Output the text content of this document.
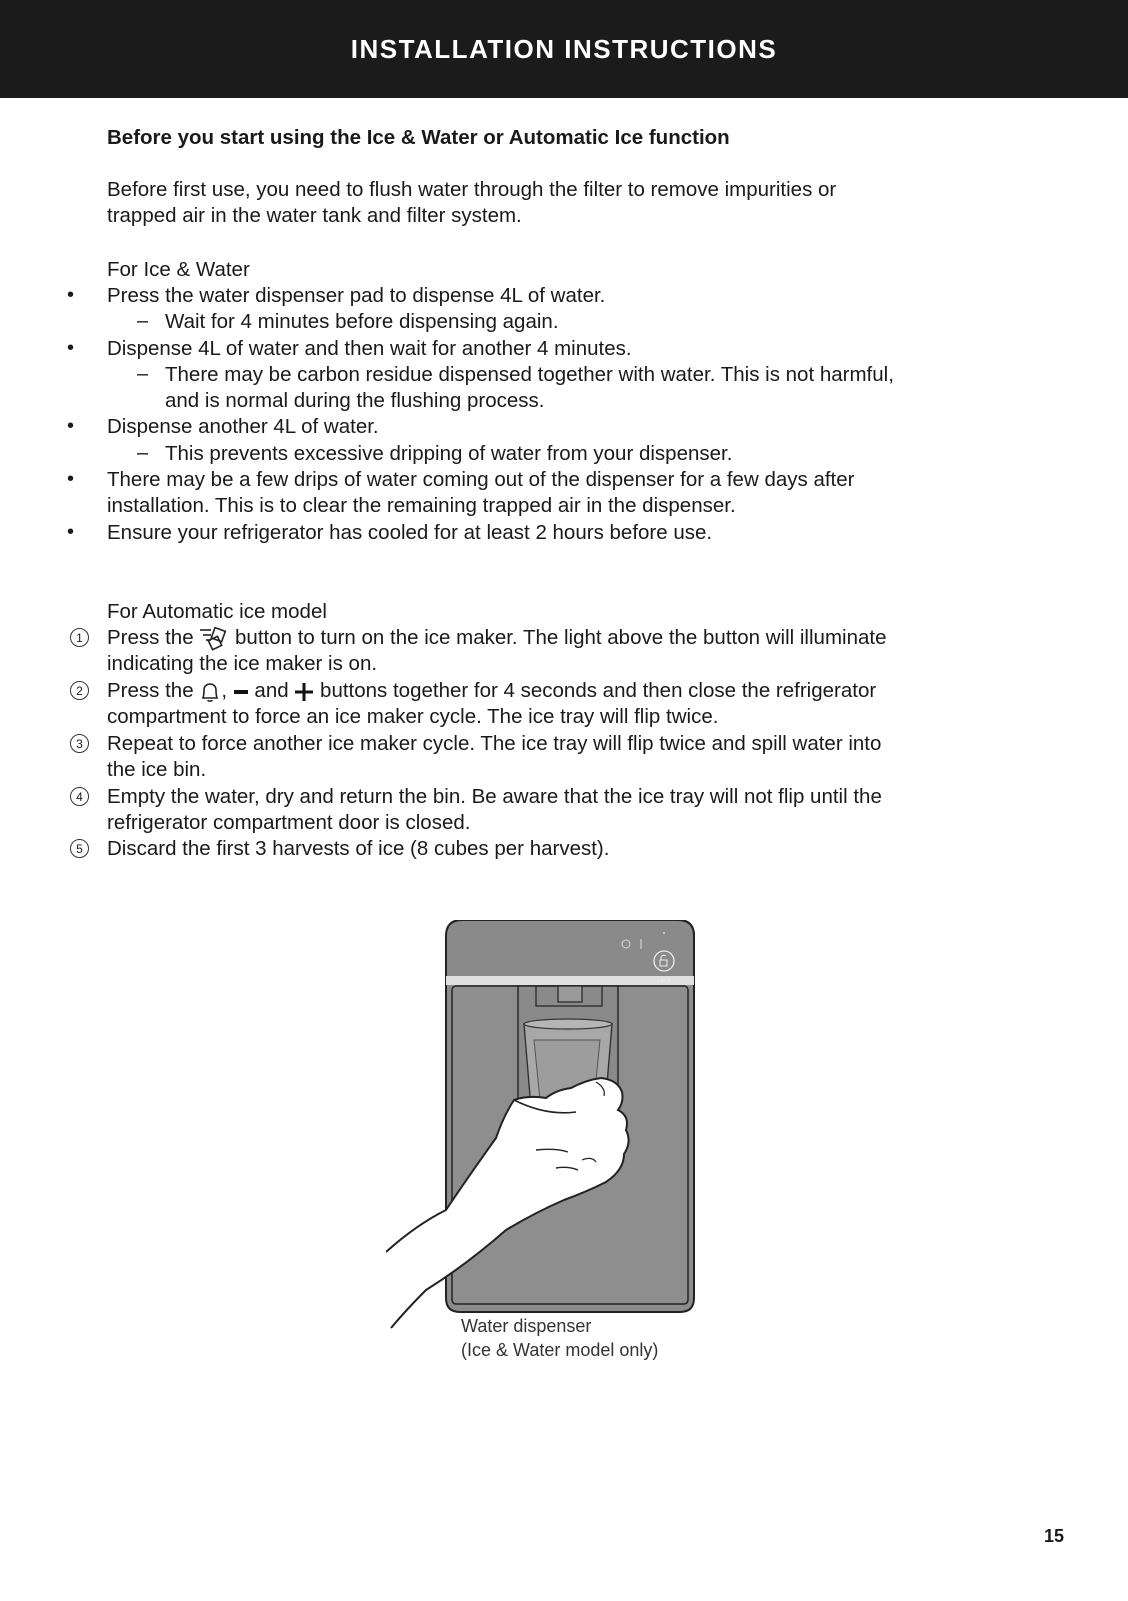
INSTALLATION INSTRUCTIONS
Before you start using the Ice & Water or Automatic Ice function
Before first use, you need to flush water through the filter to remove impurities or
trapped air in the water tank and filter system.
For Ice & Water
• Press the water dispenser pad to dispense 4L of water.
– Wait for 4 minutes before dispensing again.
• Dispense 4L of water and then wait for another 4 minutes.
– There may be carbon residue dispensed together with water. This is not harmful,
and is normal during the flushing process.
• Dispense another 4L of water.
– This prevents excessive dripping of water from your dispenser.
• There may be a few drips of water coming out of the dispenser for a few days after
installation. This is to clear the remaining trapped air in the dispenser.
• Ensure your refrigerator has cooled for at least 2 hours before use.
For Automatic ice model
1	Press the button to turn on the ice maker. The light above the button will illuminate
indicating the ice maker is on.
2	Press the , and buttons together for 4 seconds and then close the refrigerator
compartment to force an ice maker cycle. The ice tray will flip twice.
3	Repeat to force another ice maker cycle. The ice tray will flip twice and spill water into
the ice bin.
4	Empty the water, dry and return the bin. Be aware that the ice tray will not flip until the
refrigerator compartment door is closed.
5	Discard the first 3 harvests of ice (8 cubes per harvest).
Lock
Water dispenser
(Ice & Water model only)
15
